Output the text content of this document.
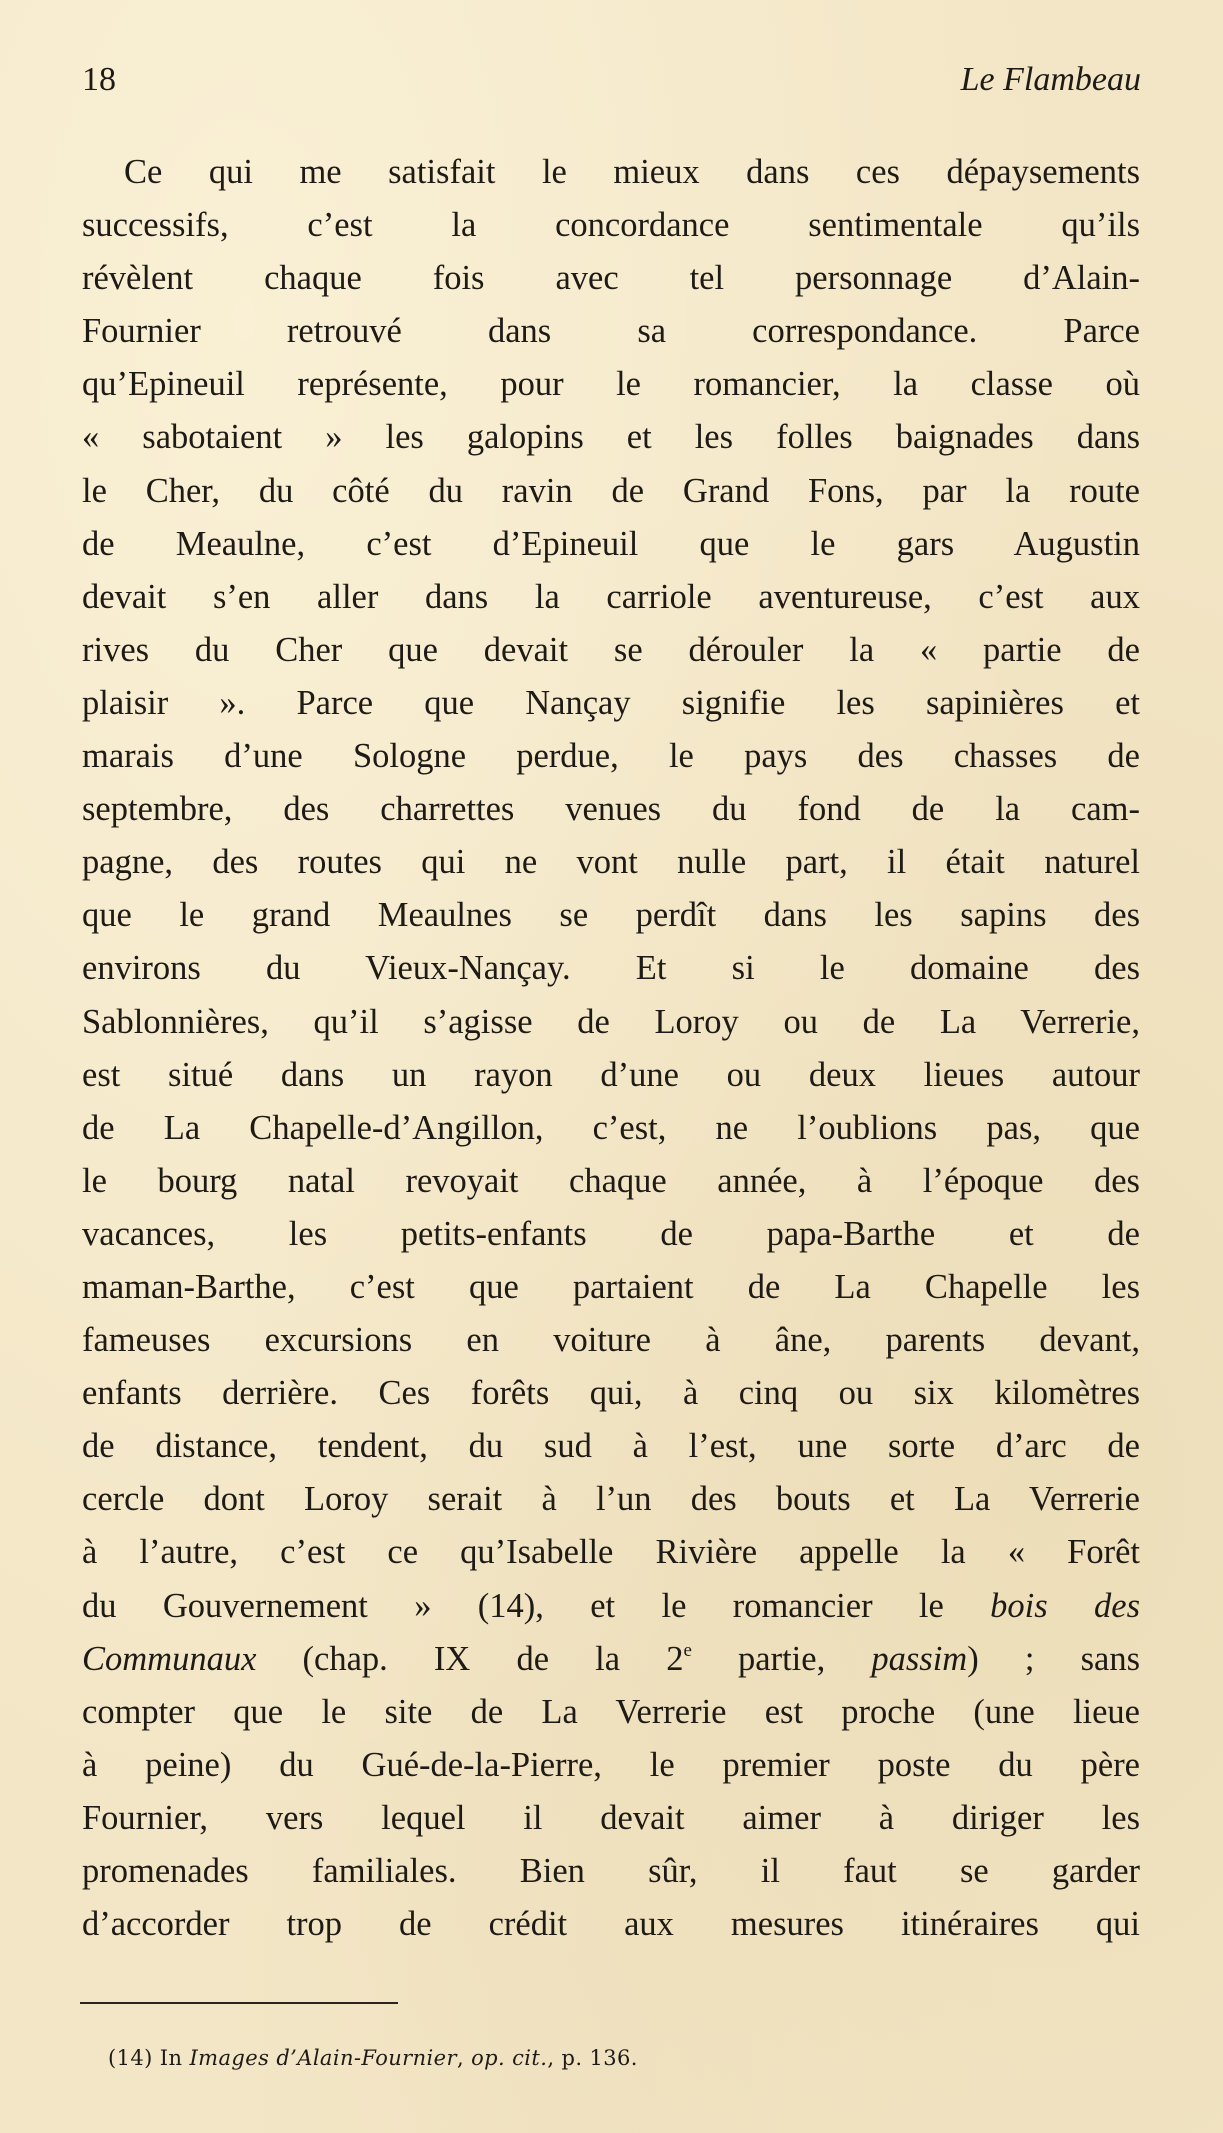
18	Le Flambeau
Ce qui me satisfait le mieux dans ces dépaysements
successifs, c’est la concordance sentimentale qu’ils
révèlent chaque fois avec tel personnage d’Alain-
Fournier retrouvé dans sa correspondance. Parce
qu’Epineuil représente, pour le romancier, la classe où
« sabotaient » les galopins et les folles baignades dans
le Cher, du côté du ravin de Grand Fons, par la route
de Meaulne, c’est d’Epineuil que le gars Augustin
devait s’en aller dans la carriole aventureuse, c’est aux
rives du Cher que devait se dérouler la « partie de
plaisir ». Parce que Nançay signifie les sapinières et
marais d’une Sologne perdue, le pays des chasses de
septembre, des charrettes venues du fond de la cam-
pagne, des routes qui ne vont nulle part, il était naturel
que le grand Meaulnes se perdît dans les sapins des
environs du Vieux-Nançay. Et si le domaine des
Sablonnières, qu’il s’agisse de Loroy ou de La Verrerie,
est situé dans un rayon d’une ou deux lieues autour
de La Chapelle-d’Angillon, c’est, ne l’oublions pas, que
le bourg natal revoyait chaque année, à l’époque des
vacances, les petits-enfants de papa-Barthe et de
maman-Barthe, c’est que partaient de La Chapelle les
fameuses excursions en voiture à âne, parents devant,
enfants derrière. Ces forêts qui, à cinq ou six kilomètres
de distance, tendent, du sud à l’est, une sorte d’arc de
cercle dont Loroy serait à l’un des bouts et La Verrerie
à l’autre, c’est ce qu’Isabelle Rivière appelle la « Forêt
du Gouvernement » (14), et le romancier le bois des
Communaux (chap. IX de la 2e partie, passim) ; sans
compter que le site de La Verrerie est proche (une lieue
à peine) du Gué-de-la-Pierre, le premier poste du père
Fournier, vers lequel il devait aimer à diriger les
promenades familiales. Bien sûr, il faut se garder
d’accorder trop de crédit aux mesures itinéraires qui
(14) In Images d’Alain-Fournier, op. cit., p. 136.
